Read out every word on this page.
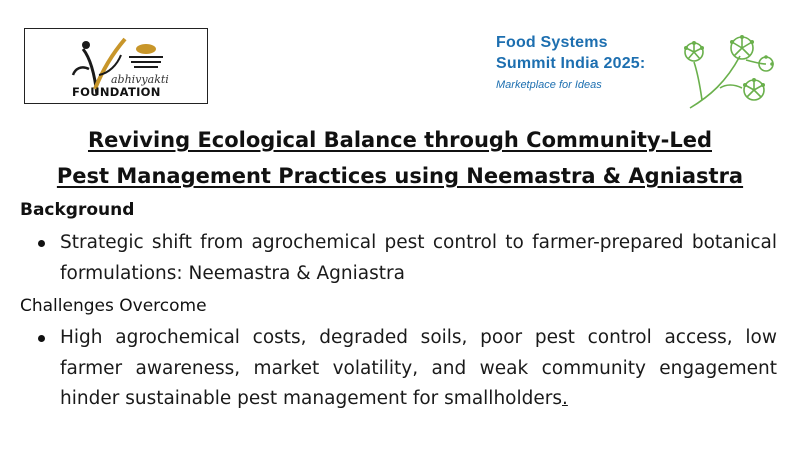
abhivyakti
FOUNDATION
Food Systems
Summit India 2025:
Marketplace for Ideas
Reviving Ecological Balance through Community-Led
Pest Management Practices using Neemastra & Agniastra
Background
Strategic shift from agrochemical pest control to farmer-prepared botanical formulations: Neemastra & Agniastra
Challenges Overcome
High agrochemical costs, degraded soils, poor pest control access, low farmer awareness, market volatility, and weak community engagement hinder sustainable pest management for smallholders.
